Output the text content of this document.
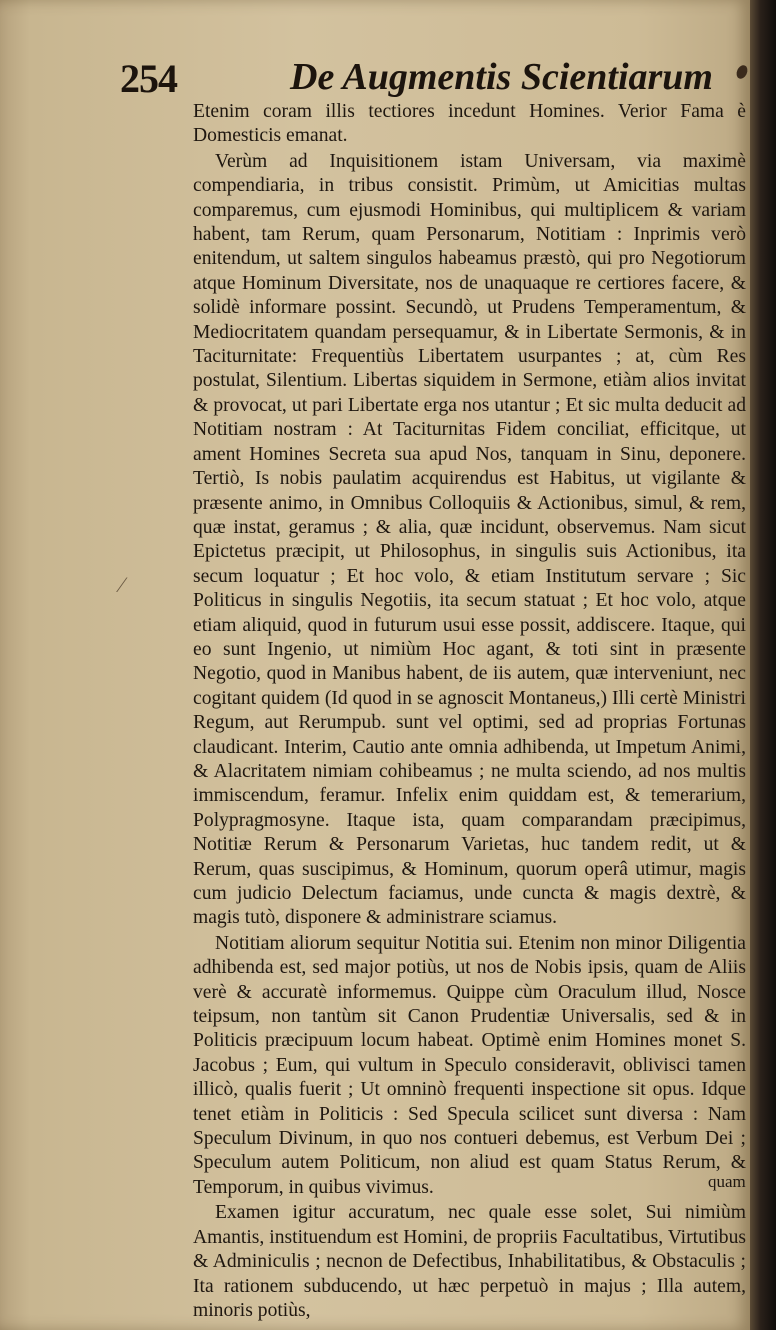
254	De Augmentis Scientiarum

Etenim coram illis tectiores incedunt Homines. Verior Fama è Domesticis emanat.

Verùm ad Inquisitionem istam Universam, via maximè compendiaria, in tribus consistit. Primùm, ut Amicitias multas comparemus, cum ejusmodi Hominibus, qui multiplicem & variam habent, tam Rerum, quam Personarum, Notitiam : Inprimis verò enitendum, ut saltem singulos habeamus præstò, qui pro Negotiorum atque Hominum Diversitate, nos de unaquaque re certiores facere, & solidè informare possint. Secundò, ut Prudens Temperamentum, & Mediocritatem quandam persequamur, & in Libertate Sermonis, & in Taciturnitate: Frequentiùs Libertatem usurpantes ; at, cùm Res postulat, Silentium. Libertas siquidem in Sermone, etiàm alios invitat & provocat, ut pari Libertate erga nos utantur ; Et sic multa deducit ad Notitiam nostram : At Taciturnitas Fidem conciliat, efficitque, ut ament Homines Secreta sua apud Nos, tanquam in Sinu, deponere. Tertiò, Is nobis paulatim acquirendus est Habitus, ut vigilante & præsente animo, in Omnibus Colloquiis & Actionibus, simul, & rem, quæ instat, geramus ; & alia, quæ incidunt, observemus. Nam sicut Epictetus præcipit, ut Philosophus, in singulis suis Actionibus, ita secum loquatur ; Et hoc volo, & etiam Institutum servare ; Sic Politicus in singulis Negotiis, ita secum statuat ; Et hoc volo, atque etiam aliquid, quod in futurum usui esse possit, addiscere. Itaque, qui eo sunt Ingenio, ut nimiùm Hoc agant, & toti sint in præsente Negotio, quod in Manibus habent, de iis autem, quæ interveniunt, nec cogitant quidem (Id quod in se agnoscit Montaneus,) Illi certè Ministri Regum, aut Rerumpub. sunt vel optimi, sed ad proprias Fortunas claudicant. Interim, Cautio ante omnia adhibenda, ut Impetum Animi, & Alacritatem nimiam cohibeamus ; ne multa sciendo, ad nos multis immiscendum, feramur. Infelix enim quiddam est, & temerarium, Polypragmosyne. Itaque ista, quam comparandam præcipimus, Notitiæ Rerum & Personarum Varietas, huc tandem redit, ut & Rerum, quas suscipimus, & Hominum, quorum operâ utimur, magis cum judicio Delectum faciamus, unde cuncta & magis dextrè, & magis tutò, disponere & administrare sciamus.

Notitiam aliorum sequitur Notitia sui. Etenim non minor Diligentia adhibenda est, sed major potiùs, ut nos de Nobis ipsis, quam de Aliis verè & accuratè informemus. Quippe cùm Oraculum illud, Nosce teipsum, non tantùm sit Canon Prudentiæ Universalis, sed & in Politicis præcipuum locum habeat. Optimè enim Homines monet S. Jacobus ; Eum, qui vultum in Speculo consideravit, oblivisci tamen illicò, qualis fuerit ; Ut omninò frequenti inspectione sit opus. Idque tenet etiàm in Politicis : Sed Specula scilicet sunt diversa : Nam Speculum Divinum, in quo nos contueri debemus, est Verbum Dei ; Speculum autem Politicum, non aliud est quam Status Rerum, & Temporum, in quibus vivimus.

Examen igitur accuratum, nec quale esse solet, Sui nimiùm Amantis, instituendum est Homini, de propriis Facultatibus, Virtutibus & Adminiculis ; necnon de Defectibus, Inhabilitatibus, & Obstaculis ; Ita rationem subducendo, ut hæc perpetuò in majus ; Illa autem, minoris potiùs,

quam
⁄
